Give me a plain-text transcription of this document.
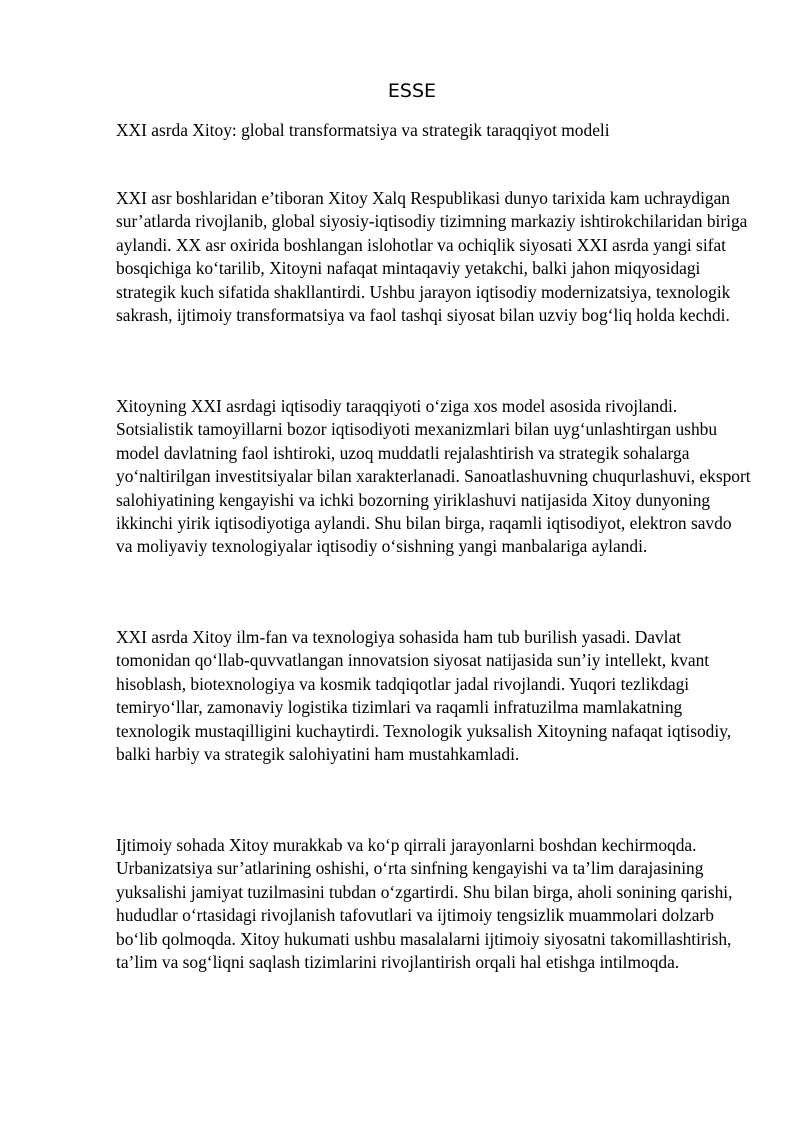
ESSE
XXI asrda Xitoy: global transformatsiya va strategik taraqqiyot modeli

XXI asr boshlaridan e’tiboran Xitoy Xalq Respublikasi dunyo tarixida kam uchraydigan sur’atlarda rivojlanib, global siyosiy-iqtisodiy tizimning markaziy ishtirokchilaridan biriga aylandi. XX asr oxirida boshlangan islohotlar va ochiqlik siyosati XXI asrda yangi sifat bosqichiga koʻtarilib, Xitoyni nafaqat mintaqaviy yetakchi, balki jahon miqyosidagi strategik kuch sifatida shakllantirdi. Ushbu jarayon iqtisodiy modernizatsiya, texnologik sakrash, ijtimoiy transformatsiya va faol tashqi siyosat bilan uzviy bogʻliq holda kechdi.

Xitoyning XXI asrdagi iqtisodiy taraqqiyoti oʻziga xos model asosida rivojlandi. Sotsialistik tamoyillarni bozor iqtisodiyoti mexanizmlari bilan uygʻunlashtirgan ushbu model davlatning faol ishtiroki, uzoq muddatli rejalashtirish va strategik sohalarga yoʻnaltirilgan investitsiyalar bilan xarakterlanadi. Sanoatlashuvning chuqurlashuvi, eksport salohiyatining kengayishi va ichki bozorning yiriklashuvi natijasida Xitoy dunyoning ikkinchi yirik iqtisodiyotiga aylandi. Shu bilan birga, raqamli iqtisodiyot, elektron savdo va moliyaviy texnologiyalar iqtisodiy oʻsishning yangi manbalariga aylandi.

XXI asrda Xitoy ilm-fan va texnologiya sohasida ham tub burilish yasadi. Davlat tomonidan qoʻllab-quvvatlangan innovatsion siyosat natijasida sun’iy intellekt, kvant hisoblash, biotexnologiya va kosmik tadqiqotlar jadal rivojlandi. Yuqori tezlikdagi temiryoʻllar, zamonaviy logistika tizimlari va raqamli infratuzilma mamlakatning texnologik mustaqilligini kuchaytirdi. Texnologik yuksalish Xitoyning nafaqat iqtisodiy, balki harbiy va strategik salohiyatini ham mustahkamladi.

Ijtimoiy sohada Xitoy murakkab va koʻp qirrali jarayonlarni boshdan kechirmoqda. Urbanizatsiya sur’atlarining oshishi, oʻrta sinfning kengayishi va ta’lim darajasining yuksalishi jamiyat tuzilmasini tubdan oʻzgartirdi. Shu bilan birga, aholi sonining qarishi, hududlar oʻrtasidagi rivojlanish tafovutlari va ijtimoiy tengsizlik muammolari dolzarb boʻlib qolmoqda. Xitoy hukumati ushbu masalalarni ijtimoiy siyosatni takomillashtirish, ta’lim va sogʻliqni saqlash tizimlarini rivojlantirish orqali hal etishga intilmoqda.
